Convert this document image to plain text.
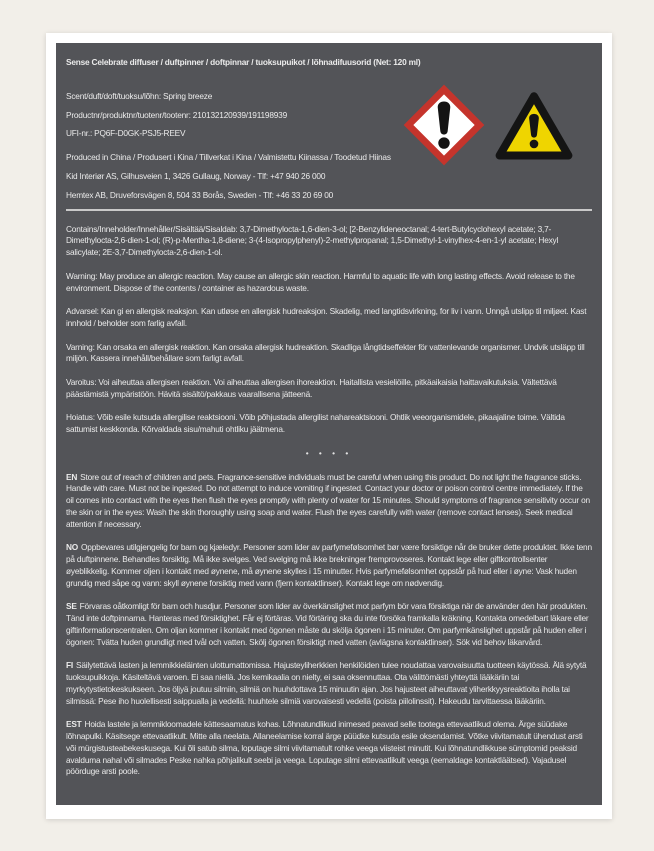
Sense Celebrate diffuser / duftpinner / doftpinnar / tuoksupuikot / lõhnadifuusorid (Net: 120 ml)

Scent/duft/doft/tuoksu/lõhn: Spring breeze

Productnr/produktnr/tuotenr/tootenr: 210132120939/191198939

UFI-nr.: PQ6F-D0GK-PSJ5-REEV

Produced in China / Produsert i Kina / Tillverkat i Kina / Valmistettu Kiinassa / Toodetud Hiinas

Kid Interiør AS, Gilhusveien 1, 3426 Gullaug, Norway - Tlf: +47 940 26 000

Hemtex AB, Druveforsvägen 8, 504 33 Borås, Sweden - Tlf: +46 33 20 69 00

Contains/Inneholder/Innehåller/Sisältää/Sisaldab: 3,7-Dimethylocta-1,6-dien-3-ol; [2-Benzylideneoctanal; 4-tert-Butylcyclohexyl acetate; 3,7-Dimethylocta-2,6-dien-1-ol; (R)-p-Mentha-1,8-diene; 3-(4-Isopropylphenyl)-2-methylpropanal; 1,5-Dimethyl-1-vinylhex-4-en-1-yl acetate; Hexyl salicylate; 2E-3,7-Dimethylocta-2,6-dien-1-ol.

Warning: May produce an allergic reaction. May cause an allergic skin reaction. Harmful to aquatic life with long lasting effects. Avoid release to the environment. Dispose of the contents / container as hazardous waste.

Advarsel: Kan gi en allergisk reaksjon. Kan utløse en allergisk hudreaksjon. Skadelig, med langtidsvirkning, for liv i vann. Unngå utslipp til miljøet. Kast innhold / beholder som farlig avfall.

Varning: Kan orsaka en allergisk reaktion. Kan orsaka allergisk hudreaktion. Skadliga långtidseffekter för vattenlevande organismer. Undvik utsläpp till miljön. Kassera innehåll/behållare som farligt avfall.

Varoitus: Voi aiheuttaa allergisen reaktion. Voi aiheuttaa allergisen ihoreaktion. Haitallista vesieliöille, pitkäaikaisia haittavaikutuksia. Vältettävä päästämistä ympäristöön. Hävitä sisältö/pakkaus vaarallisena jätteenä.

Hoiatus: Võib esile kutsuda allergilise reaktsiooni. Võib põhjustada allergilist nahareaktsiooni. Ohtlik veeorganismidele, pikaajaline toime. Vältida sattumist keskkonda. Kõrvaldada sisu/mahuti ohtliku jäätmena.

• • • •

EN Store out of reach of children and pets. Fragrance-sensitive individuals must be careful when using this product. Do not light the fragrance sticks. Handle with care. Must not be ingested. Do not attempt to induce vomiting if ingested. Contact your doctor or poison control centre immediately. If the oil comes into contact with the eyes then flush the eyes promptly with plenty of water for 15 minutes. Should symptoms of fragrance sensitivity occur on the skin or in the eyes: Wash the skin thoroughly using soap and water. Flush the eyes carefully with water (remove contact lenses). Seek medical attention if necessary.

NO Oppbevares utilgjengelig for barn og kjæledyr. Personer som lider av parfymefølsomhet bør være forsiktige når de bruker dette produktet. Ikke tenn på duftpinnene. Behandles forsiktig. Må ikke svelges. Ved svelging må ikke brekninger fremprovoseres. Kontakt lege eller giftkontrollsenter øyeblikkelig. Kommer oljen i kontakt med øynene, må øynene skylles i 15 minutter. Hvis parfymefølsomhet oppstår på hud eller i øyne: Vask huden grundig med såpe og vann: skyll øynene forsiktig med vann (fjern kontaktlinser). Kontakt lege om nødvendig.

SE Förvaras oåtkomligt för barn och husdjur. Personer som lider av överkänslighet mot parfym bör vara försiktiga när de använder den här produkten. Tänd inte doftpinnarna. Hanteras med försiktighet. Får ej förtäras. Vid förtäring ska du inte försöka framkalla kräkning. Kontakta omedelbart läkare eller giftinformationscentralen. Om oljan kommer i kontakt med ögonen måste du skölja ögonen i 15 minuter. Om parfymkänslighet uppstår på huden eller i ögonen: Tvätta huden grundligt med tvål och vatten. Skölj ögonen försiktigt med vatten (avlägsna kontaktlinser). Sök vid behov läkarvård.

FI Säilytettävä lasten ja lemmikkieläinten ulottumattomissa. Hajusteyliherkkien henkilöiden tulee noudattaa varovaisuutta tuotteen käytössä. Älä sytytä tuoksupuikkoja. Käsiteltävä varoen. Ei saa niellä. Jos kemikaalia on nielty, ei saa oksennuttaa. Ota välittömästi yhteyttä lääkäriin tai myrkytystietokeskukseen. Jos öljyä joutuu silmiin, silmiä on huuhdottava 15 minuutin ajan. Jos hajusteet aiheuttavat yliherkkyysreaktioita iholla tai silmissä: Pese iho huolellisesti saippualla ja vedellä: huuhtele silmiä varovaisesti vedellä (poista piilolinssit). Hakeudu tarvittaessa lääkäriin.

EST Hoida lastele ja lemmikloomadele kättesaamatus kohas. Lõhnatundlikud inimesed peavad selle tootega ettevaatlikud olema. Ärge süüdake lõhnapulki. Käsitsege ettevaatlikult. Mitte alla neelata. Allaneelamise korral ärge püüdke kutsuda esile oksendamist. Võtke viivitamatult ühendust arsti või mürgistusteabekeskusega. Kui õli satub silma, loputage silmi viivitamatult rohke veega viisteist minutit. Kui lõhnatundlikkuse sümptomid peaksid avalduma nahal või silmades Peske nahka põhjalikult seebi ja veega. Loputage silmi ettevaatlikult veega (eemaldage kontaktläätsed). Vajadusel pöörduge arsti poole.
